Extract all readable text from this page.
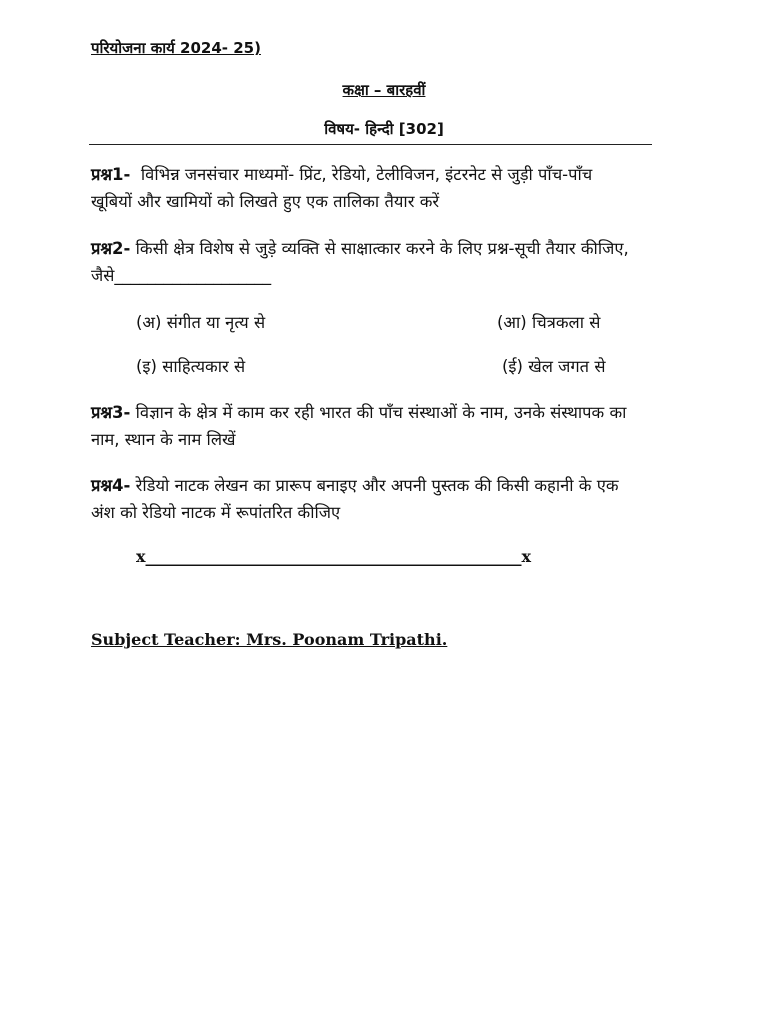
परियोजना कार्य 2024- 25)
कक्षा – बारहवीं
विषय- हिन्दी [302]

प्रश्न1- विभिन्न जनसंचार माध्यमों- प्रिंट, रेडियो, टेलीविजन, इंटरनेट से जुड़ी पाँच-पाँच

खूबियों और खामियों को लिखते हुए एक तालिका तैयार करें

प्रश्न2- किसी क्षेत्र विशेष से जुड़े व्यक्ति से साक्षात्कार करने के लिए प्रश्न-सूची तैयार कीजिए,

जैसे___________________

(अ) संगीत या नृत्य से	(आ) चित्रकला से
(इ) साहित्यकार से	(ई) खेल जगत से

प्रश्न3- विज्ञान के क्षेत्र में काम कर रही भारत की पाँच संस्थाओं के नाम, उनके संस्थापक का

नाम, स्थान के नाम लिखें

प्रश्न4- रेडियो नाटक लेखन का प्रारूप बनाइए और अपनी पुस्तक की किसी कहानी के एक

अंश को रेडियो नाटक में रूपांतरित कीजिए

x_______________________________________________x
Subject Teacher: Mrs. Poonam Tripathi.
